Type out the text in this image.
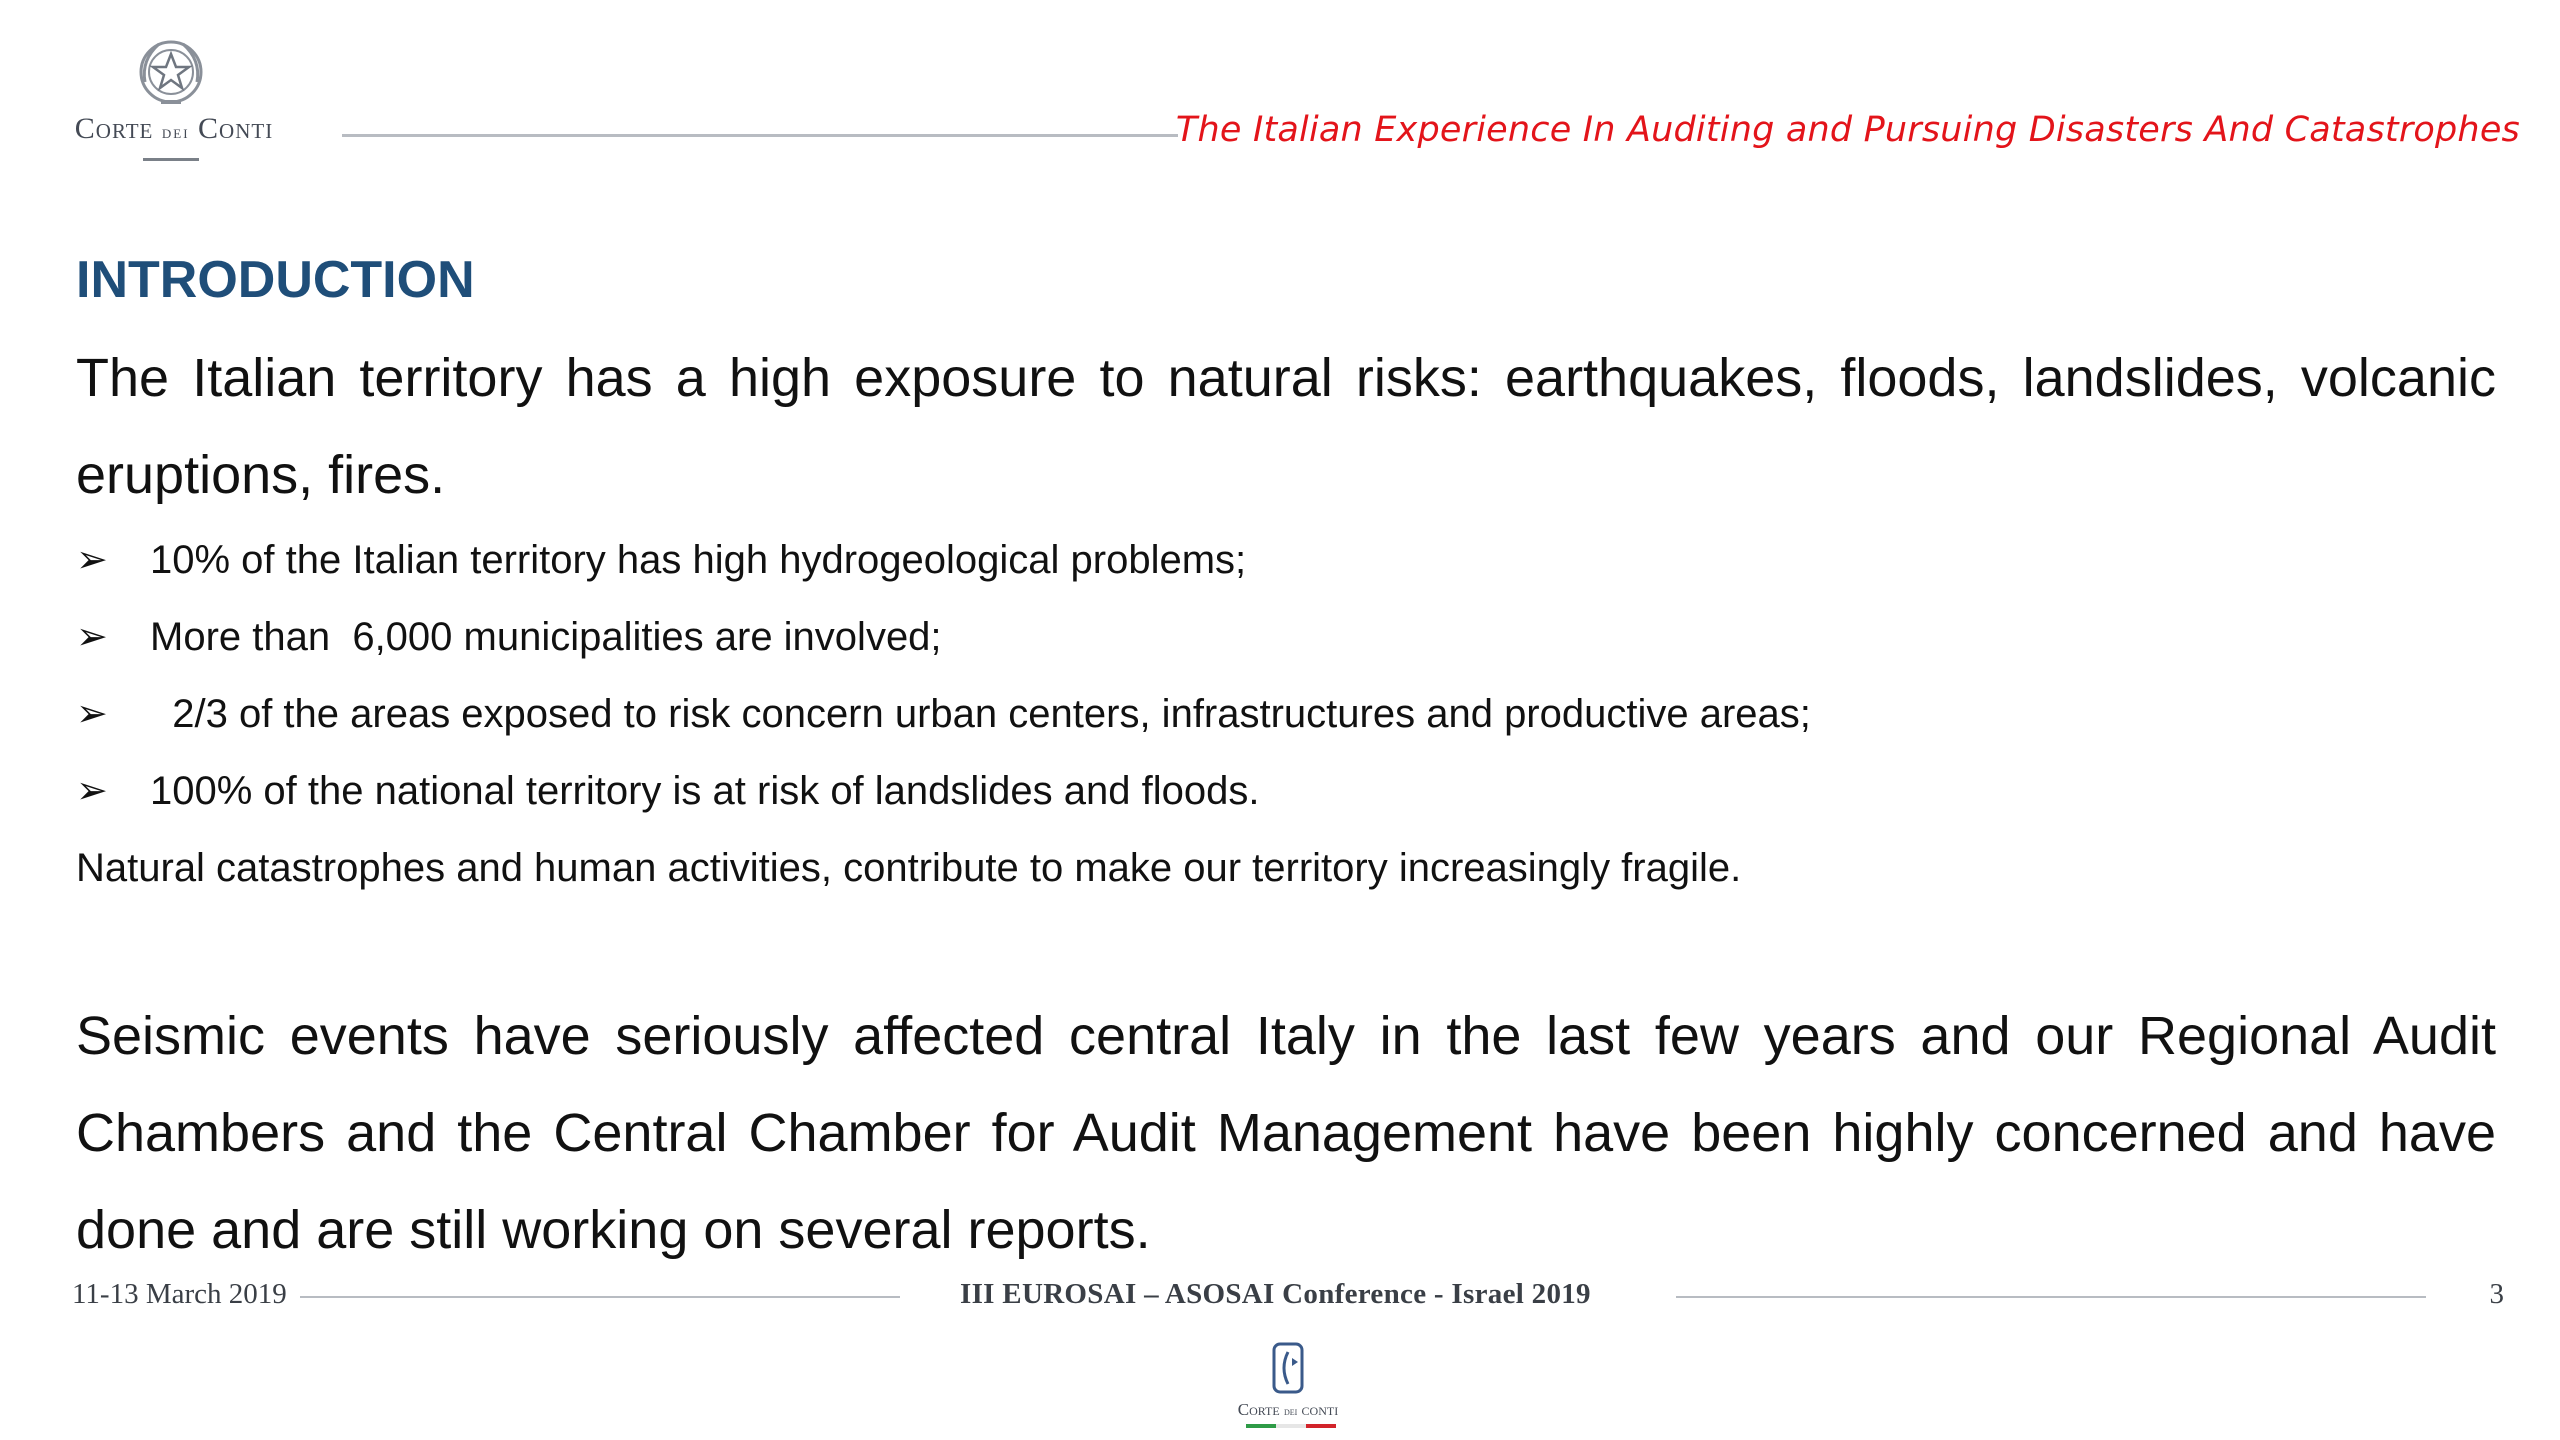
Corte dei Conti	The Italian Experience In Auditing and Pursuing Disasters And Catastrophes
INTRODUCTION

The Italian territory has a high exposure to natural risks: earthquakes, floods, landslides, volcanic eruptions, fires.

➢ 10% of the Italian territory has high hydrogeological problems;
➢ More than  6,000 municipalities are involved;
➢ 2/3 of the areas exposed to risk concern urban centers, infrastructures and productive areas;
➢ 100% of the national territory is at risk of landslides and floods.
Natural catastrophes and human activities, contribute to make our territory increasingly fragile.

Seismic events have seriously affected central Italy in the last few years and our Regional Audit Chambers and the Central Chamber for Audit Management have been highly concerned and have done and are still working on several reports.

11-13 March 2019	III EUROSAI – ASOSAI Conference - Israel 2019	3
Corte dei conti
